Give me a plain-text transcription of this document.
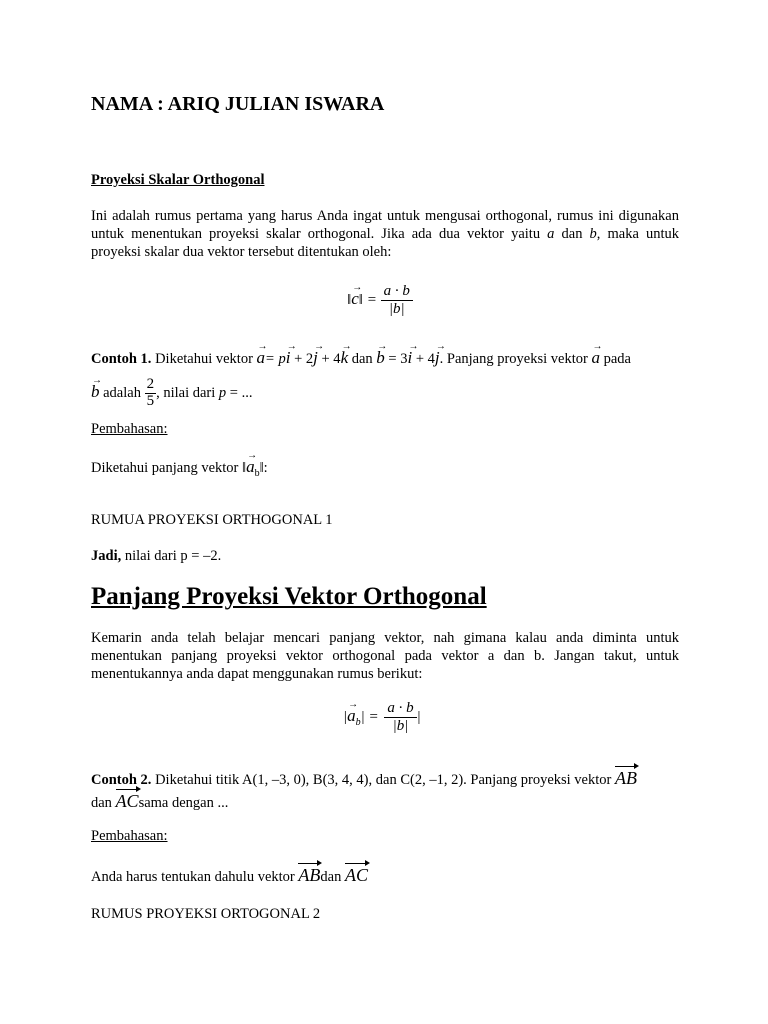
NAMA : ARIQ JULIAN ISWARA
Proyeksi Skalar Orthogonal
Ini adalah rumus pertama yang harus Anda ingat untuk mengusai orthogonal, rumus ini digunakan untuk menentukan proyeksi skalar orthogonal. Jika ada dua vektor yaitu a dan b, maka untuk proyeksi skalar dua vektor tersebut ditentukan oleh:
‖→ c‖ = $\frac{a \cdot b}{|b|}$
Contoh 1. Diketahui vektor → a= p→ i + 2→ j + 4→ k dan → b = 3→ i + 4→ j. Panjang proyeksi vektor → a pada
→ b adalah $\frac{2}{5}$ , nilai dari p = ...
Pembahasan:
Diketahui panjang vektor ‖→ $a_b‖$:
RUMUA PROYEKSI ORTHOGONAL 1
Jadi, nilai dari p = –2.
Panjang Proyeksi Vektor Orthogonal
Kemarin anda telah belajar mencari panjang vektor, nah gimana kalau anda diminta untuk menentukan panjang proyeksi vektor orthogonal pada vektor a dan b. Jangan takut, untuk menentukannya anda dapat menggunakan rumus berikut:
|→ $a_b| = \frac{a \cdot b}{|b|}$ |
Contoh 2. Diketahui titik A(1, –3, 0), B(3, 4, 4), dan C(2, –1, 2). Panjang proyeksi vektor AB
dan ACsama dengan ...
Pembahasan:
Anda harus tentukan dahulu vektor ABdan AC
RUMUS PROYEKSI ORTOGONAL 2
